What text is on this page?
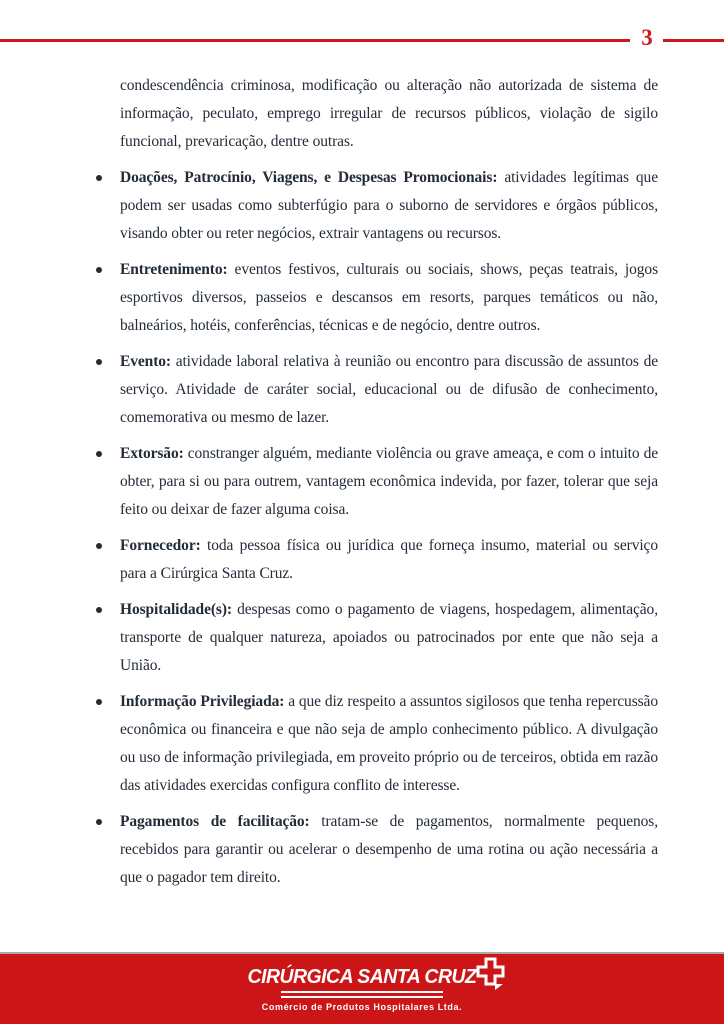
3

condescendência criminosa, modificação ou alteração não autorizada de sistema de informação, peculato, emprego irregular de recursos públicos, violação de sigilo funcional, prevaricação, dentre outras.

Doações, Patrocínio, Viagens, e Despesas Promocionais: atividades legítimas que podem ser usadas como subterfúgio para o suborno de servidores e órgãos públicos, visando obter ou reter negócios, extrair vantagens ou recursos.
Entretenimento: eventos festivos, culturais ou sociais, shows, peças teatrais, jogos esportivos diversos, passeios e descansos em resorts, parques temáticos ou não, balneários, hotéis, conferências, técnicas e de negócio, dentre outros.
Evento: atividade laboral relativa à reunião ou encontro para discussão de assuntos de serviço. Atividade de caráter social, educacional ou de difusão de conhecimento, comemorativa ou mesmo de lazer.
Extorsão: constranger alguém, mediante violência ou grave ameaça, e com o intuito de obter, para si ou para outrem, vantagem econômica indevida, por fazer, tolerar que seja feito ou deixar de fazer alguma coisa.
Fornecedor: toda pessoa física ou jurídica que forneça insumo, material ou serviço para a Cirúrgica Santa Cruz.
Hospitalidade(s): despesas como o pagamento de viagens, hospedagem, alimentação, transporte de qualquer natureza, apoiados ou patrocinados por ente que não seja a União.
Informação Privilegiada: a que diz respeito a assuntos sigilosos que tenha repercussão econômica ou financeira e que não seja de amplo conhecimento público. A divulgação ou uso de informação privilegiada, em proveito próprio ou de terceiros, obtida em razão das atividades exercidas configura conflito de interesse.
Pagamentos de facilitação: tratam-se de pagamentos, normalmente pequenos, recebidos para garantir ou acelerar o desempenho de uma rotina ou ação necessária a que o pagador tem direito.
CIRÚRGICA SANTA CRUZ
Comércio de Produtos Hospitalares Ltda.
